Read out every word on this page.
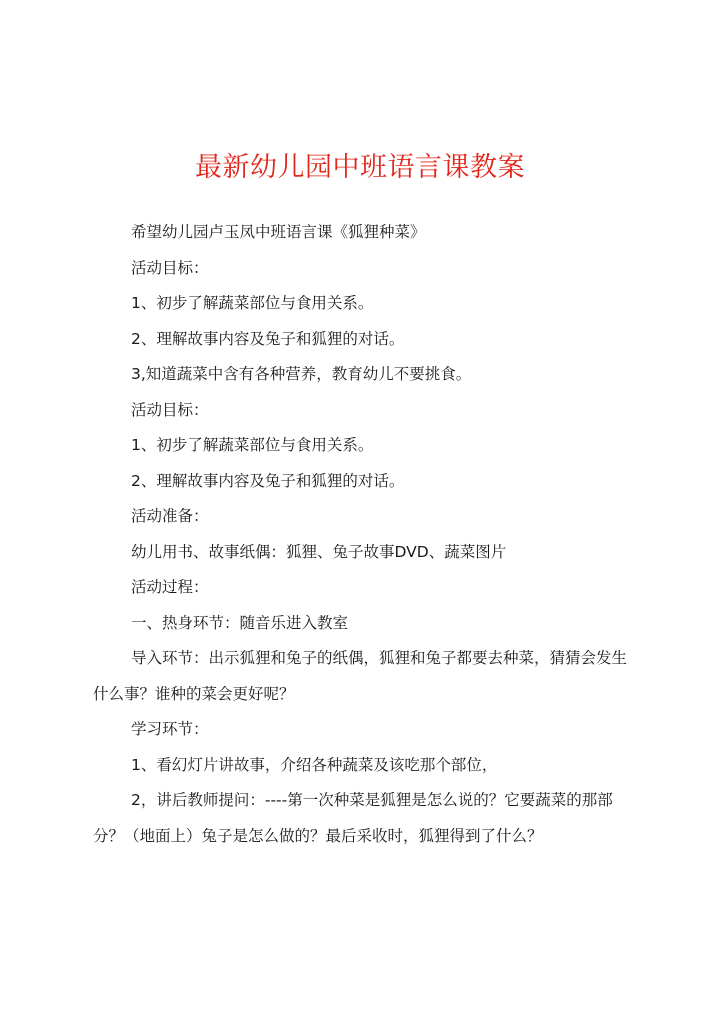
最新幼儿园中班语言课教案

希望幼儿园卢玉凤中班语言课《狐狸种菜》

活动目标：

1、初步了解蔬菜部位与食用关系。

2、理解故事内容及兔子和狐狸的对话。

3,知道蔬菜中含有各种营养，教育幼儿不要挑食。

活动目标：

1、初步了解蔬菜部位与食用关系。

2、理解故事内容及兔子和狐狸的对话。

活动准备：

幼儿用书、故事纸偶：狐狸、兔子故事DVD、蔬菜图片

活动过程：

一、热身环节：随音乐进入教室

导入环节：出示狐狸和兔子的纸偶，狐狸和兔子都要去种菜，猜猜会发生什么事？谁种的菜会更好呢？

学习环节：

1、看幻灯片讲故事，介绍各种蔬菜及该吃那个部位，

2，讲后教师提问：----第一次种菜是狐狸是怎么说的？它要蔬菜的那部分？（地面上）兔子是怎么做的？最后采收时，狐狸得到了什么？
